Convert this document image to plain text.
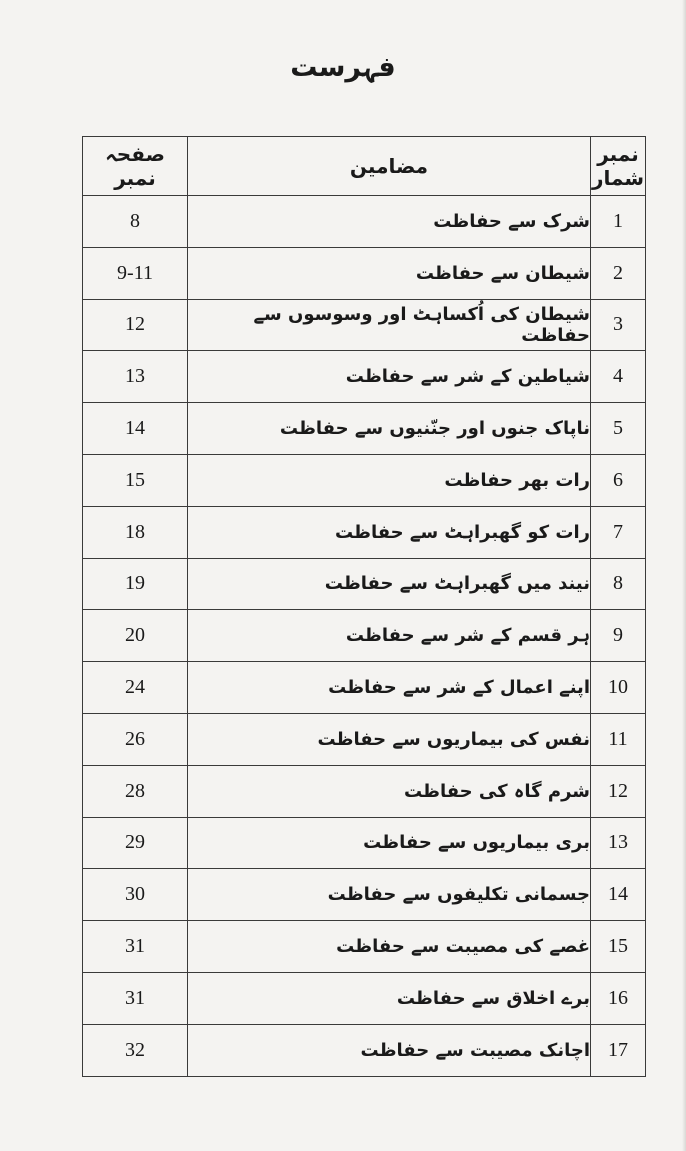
فہرست
نمبر شمار	مضامین	صفحہ نمبر
1	شرک سے حفاظت	8
2	شیطان سے حفاظت	9-11
3	شیطان کی اُکساہٹ اور وسوسوں سے حفاظت	12
4	شیاطین کے شر سے حفاظت	13
5	ناپاک جنوں اور جنّنیوں سے حفاظت	14
6	رات بھر حفاظت	15
7	رات کو گھبراہٹ سے حفاظت	18
8	نیند میں گھبراہٹ سے حفاظت	19
9	ہر قسم کے شر سے حفاظت	20
10	اپنے اعمال کے شر سے حفاظت	24
11	نفس کی بیماریوں سے حفاظت	26
12	شرم گاہ کی حفاظت	28
13	بری بیماریوں سے حفاظت	29
14	جسمانی تکلیفوں سے حفاظت	30
15	غصے کی مصیبت سے حفاظت	31
16	برے اخلاق سے حفاظت	31
17	اچانک مصیبت سے حفاظت	32
